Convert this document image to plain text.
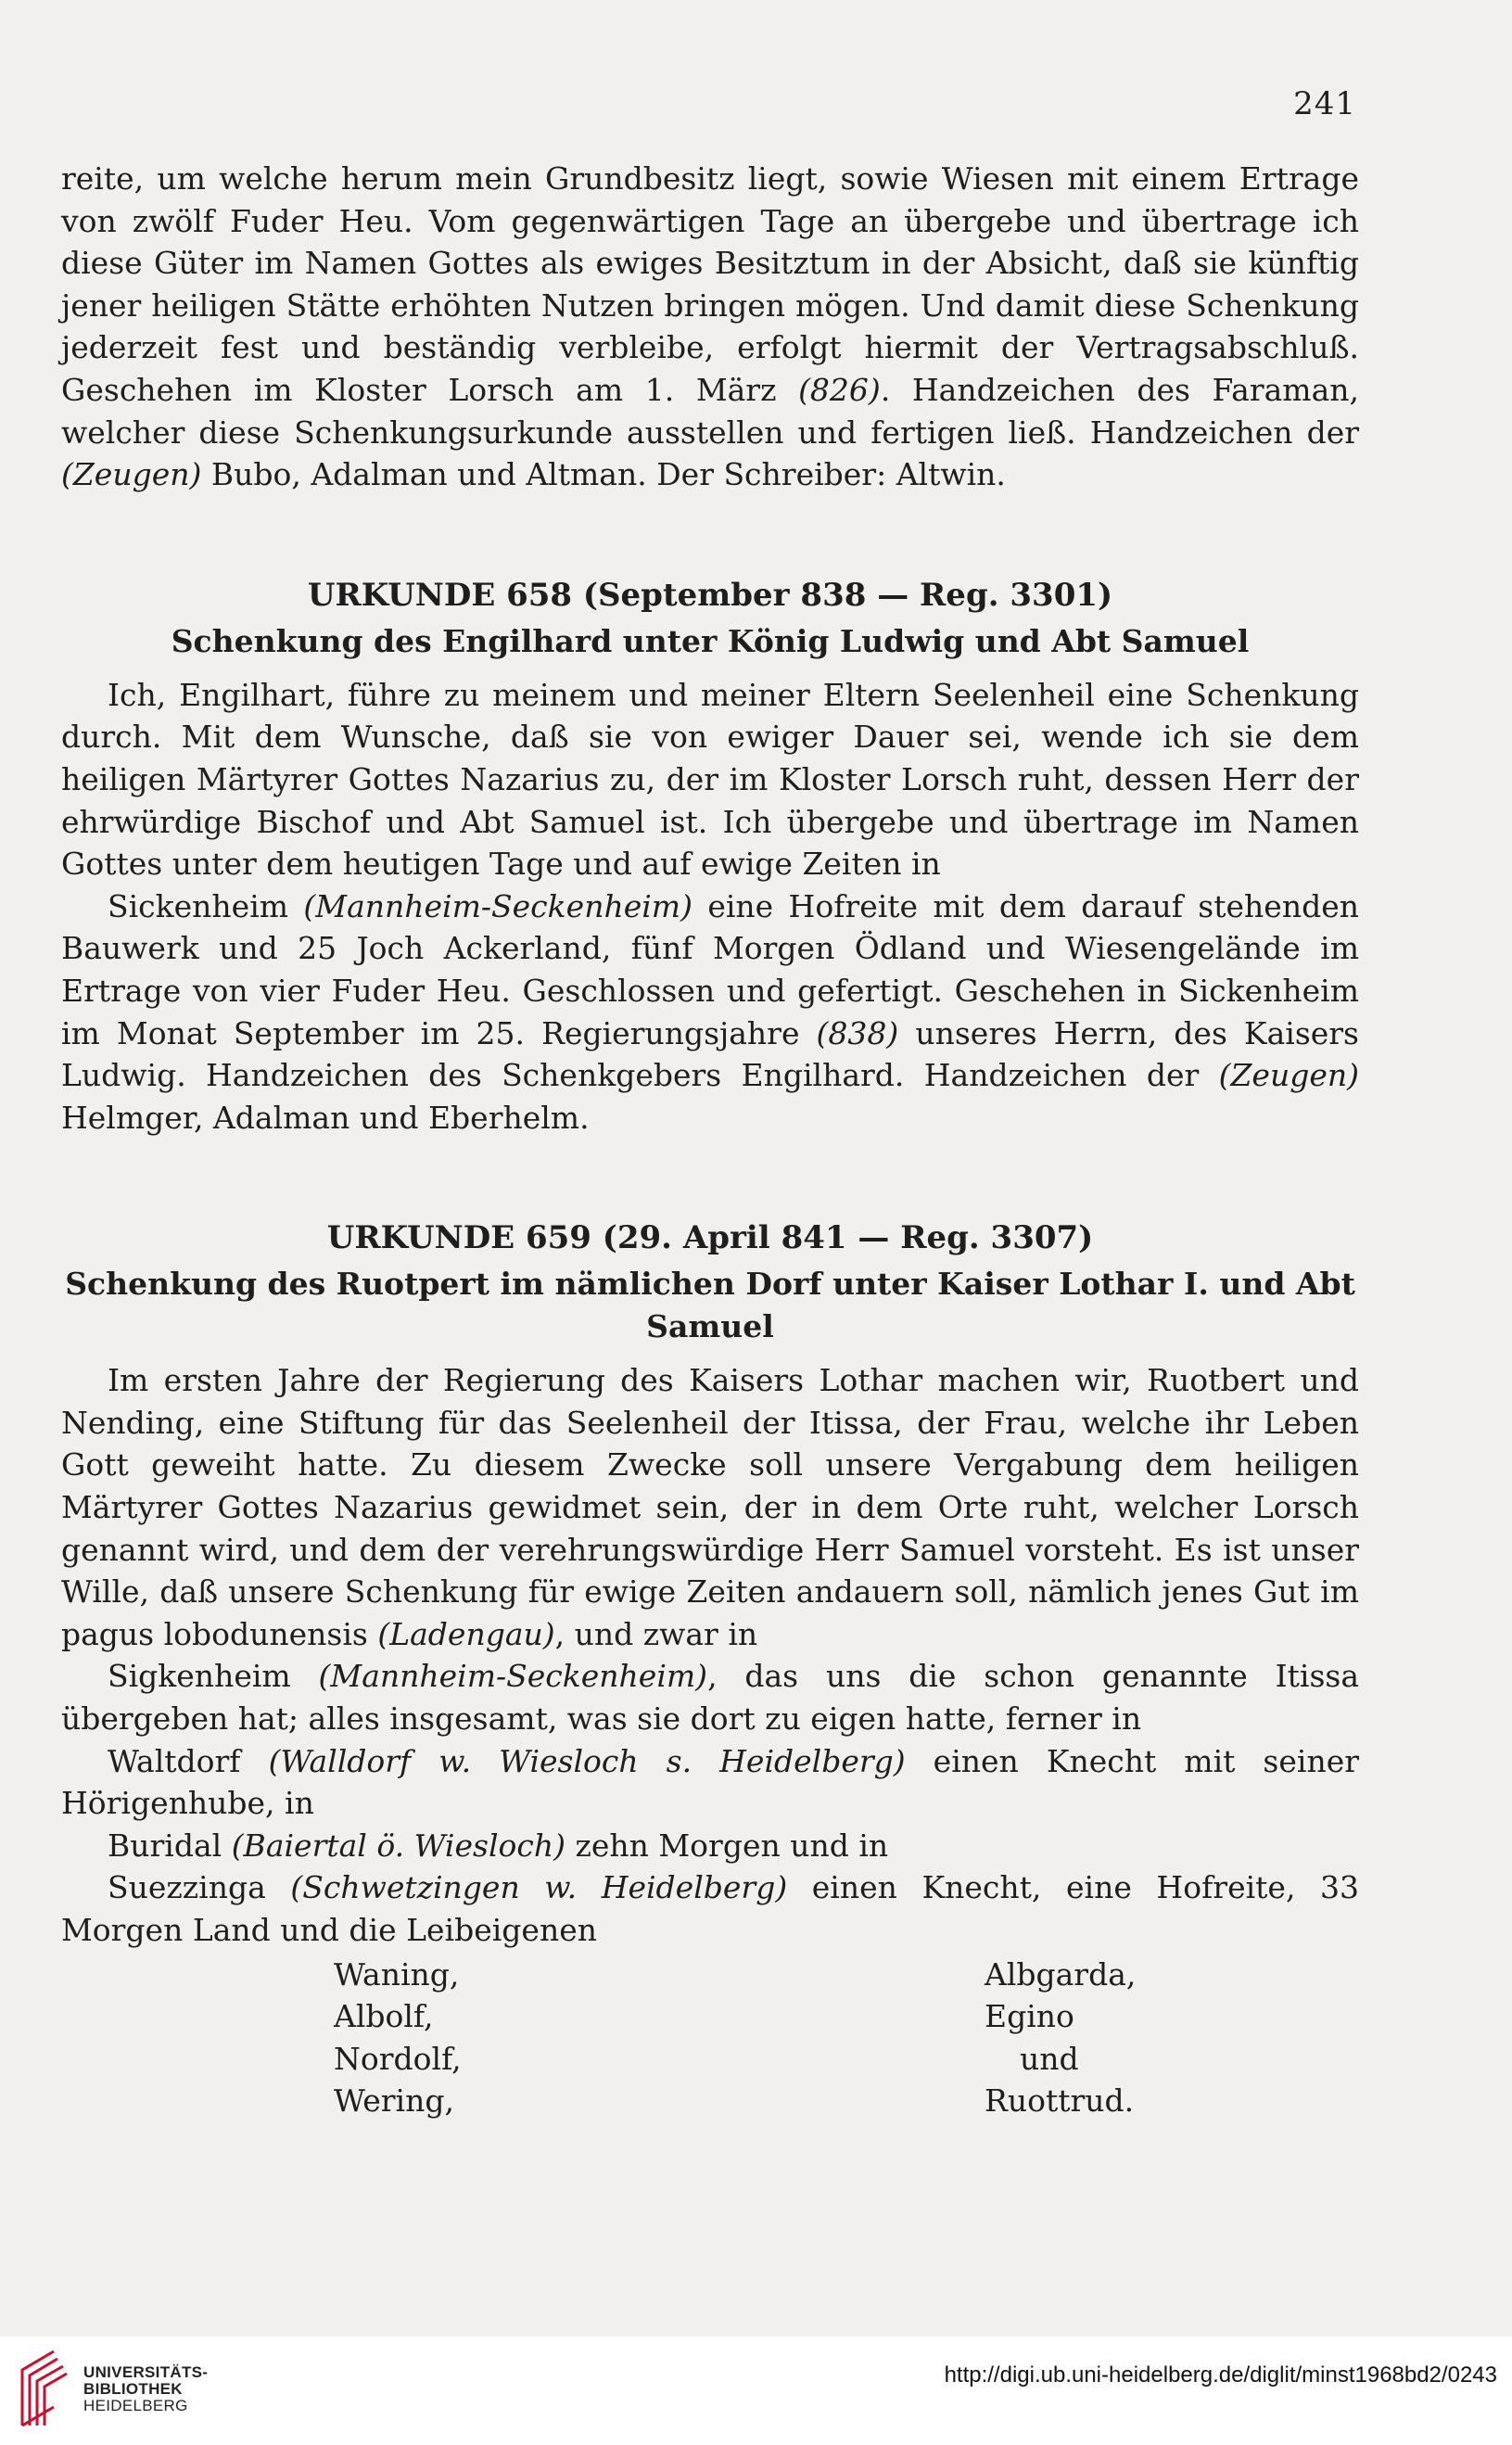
241

reite, um welche herum mein Grundbesitz liegt, sowie Wiesen mit einem Ertrage von zwölf Fuder Heu. Vom gegenwärtigen Tage an übergebe und übertrage ich diese Güter im Namen Gottes als ewiges Besitztum in der Absicht, daß sie künftig jener heiligen Stätte erhöhten Nutzen bringen mögen. Und damit diese Schenkung jederzeit fest und beständig verbleibe, erfolgt hiermit der Vertragsabschluß. Geschehen im Kloster Lorsch am 1. März (826). Handzeichen des Faraman, welcher diese Schenkungsurkunde ausstellen und fertigen ließ. Handzeichen der (Zeugen) Bubo, Adalman und Altman. Der Schreiber: Altwin.

URKUNDE 658 (September 838 — Reg. 3301)
Schenkung des Engilhard unter König Ludwig und Abt Samuel

Ich, Engilhart, führe zu meinem und meiner Eltern Seelenheil eine Schenkung durch. Mit dem Wunsche, daß sie von ewiger Dauer sei, wende ich sie dem heiligen Märtyrer Gottes Nazarius zu, der im Kloster Lorsch ruht, dessen Herr der ehrwürdige Bischof und Abt Samuel ist. Ich übergebe und übertrage im Namen Gottes unter dem heutigen Tage und auf ewige Zeiten in

Sickenheim (Mannheim-Seckenheim) eine Hofreite mit dem darauf stehenden Bauwerk und 25 Joch Ackerland, fünf Morgen Ödland und Wiesengelände im Ertrage von vier Fuder Heu. Geschlossen und gefertigt. Geschehen in Sickenheim im Monat September im 25. Regierungsjahre (838) unseres Herrn, des Kaisers Ludwig. Handzeichen des Schenkgebers Engilhard. Handzeichen der (Zeugen) Helmger, Adalman und Eberhelm.

URKUNDE 659 (29. April 841 — Reg. 3307)
Schenkung des Ruotpert im nämlichen Dorf unter Kaiser Lothar I. und Abt Samuel

Im ersten Jahre der Regierung des Kaisers Lothar machen wir, Ruotbert und Nending, eine Stiftung für das Seelenheil der Itissa, der Frau, welche ihr Leben Gott geweiht hatte. Zu diesem Zwecke soll unsere Vergabung dem heiligen Märtyrer Gottes Nazarius gewidmet sein, der in dem Orte ruht, welcher Lorsch genannt wird, und dem der verehrungswürdige Herr Samuel vorsteht. Es ist unser Wille, daß unsere Schenkung für ewige Zeiten andauern soll, nämlich jenes Gut im pagus lobodunensis (Ladengau), und zwar in

Sigkenheim (Mannheim-Seckenheim), das uns die schon genannte Itissa übergeben hat; alles insgesamt, was sie dort zu eigen hatte, ferner in

Waltdorf (Walldorf w. Wiesloch s. Heidelberg) einen Knecht mit seiner Hörigenhube, in

Buridal (Baiertal ö. Wiesloch) zehn Morgen und in

Suezzinga (Schwetzingen w. Heidelberg) einen Knecht, eine Hofreite, 33 Morgen Land und die Leibeigenen

Waning,
Albolf,
Nordolf,
Wering,
Albgarda,
Egino
und
Ruottrud.
UNIVERSITÄTS-
BIBLIOTHEK
HEIDELBERG
http://digi.ub.uni-heidelberg.de/diglit/minst1968bd2/0243
